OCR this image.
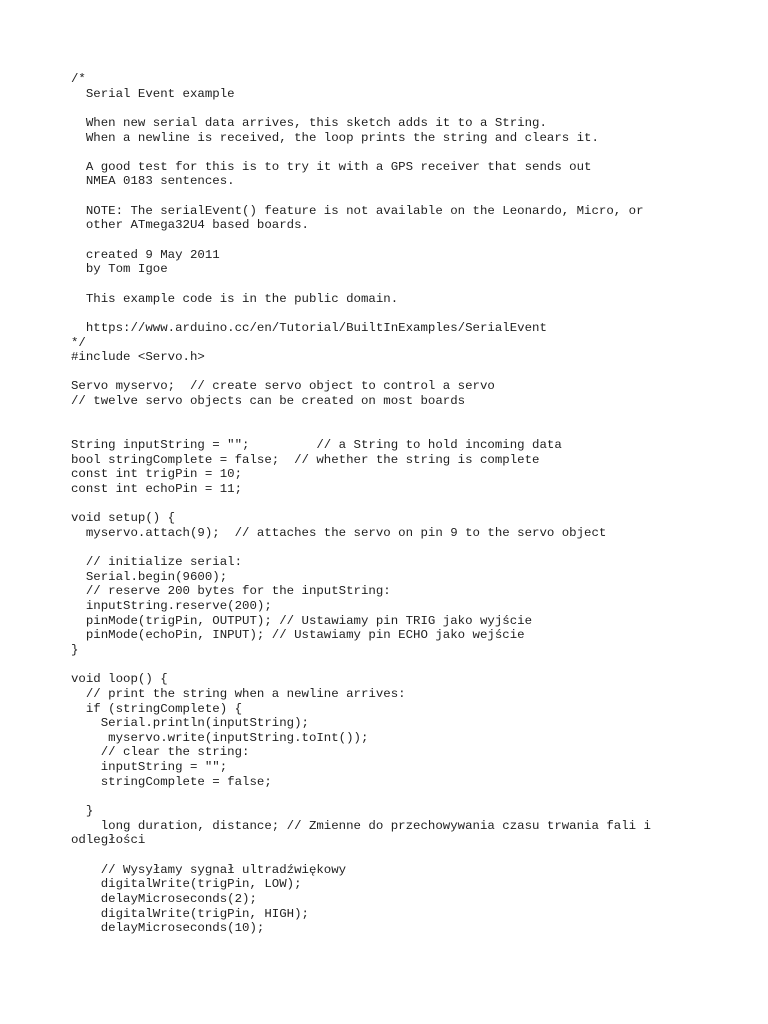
/*
Serial Event example
When new serial data arrives, this sketch adds it to a String.
When a newline is received, the loop prints the string and clears it.
A good test for this is to try it with a GPS receiver that sends out
NMEA 0183 sentences.
NOTE: The serialEvent() feature is not available on the Leonardo, Micro, or
other ATmega32U4 based boards.
created 9 May 2011
by Tom Igoe
This example code is in the public domain.
https://www.arduino.cc/en/Tutorial/BuiltInExamples/SerialEvent
*/
#include <Servo.h>
Servo myservo;  // create servo object to control a servo
// twelve servo objects can be created on most boards
String inputString = "";         // a String to hold incoming data
bool stringComplete = false;  // whether the string is complete
const int trigPin = 10;
const int echoPin = 11;
void setup() {
myservo.attach(9);  // attaches the servo on pin 9 to the servo object
// initialize serial:
Serial.begin(9600);
// reserve 200 bytes for the inputString:
inputString.reserve(200);
pinMode(trigPin, OUTPUT); // Ustawiamy pin TRIG jako wyjście
pinMode(echoPin, INPUT); // Ustawiamy pin ECHO jako wejście
}
void loop() {
// print the string when a newline arrives:
if (stringComplete) {
Serial.println(inputString);
myservo.write(inputString.toInt());
// clear the string:
inputString = "";
stringComplete = false;
}
long duration, distance; // Zmienne do przechowywania czasu trwania fali i
odległości
// Wysyłamy sygnał ultradźwiękowy
digitalWrite(trigPin, LOW);
delayMicroseconds(2);
digitalWrite(trigPin, HIGH);
delayMicroseconds(10);
